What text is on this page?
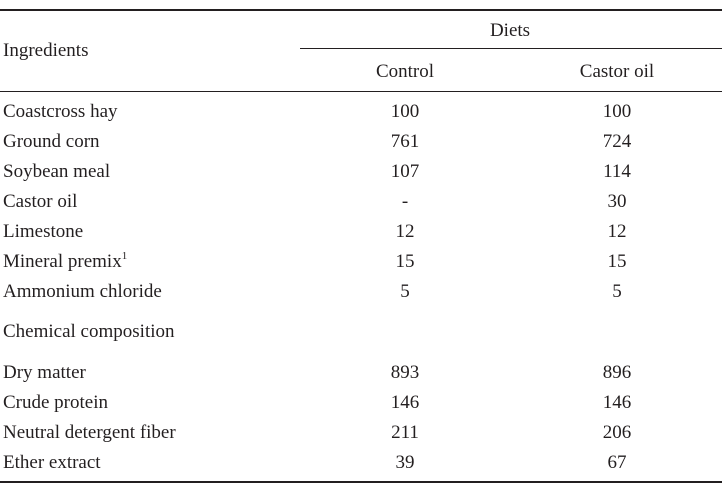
Ingredients
Diets
Control	Castor oil
Coastcross hay	100	100
Ground corn	761	724
Soybean meal	107	114
Castor oil	-	30
Limestone	12	12
Mineral premix$^1$	15	15
Ammonium chloride	5	5
Chemical composition
Dry matter	893	896
Crude protein	146	146
Neutral detergent fiber	211	206
Ether extract	39	67
